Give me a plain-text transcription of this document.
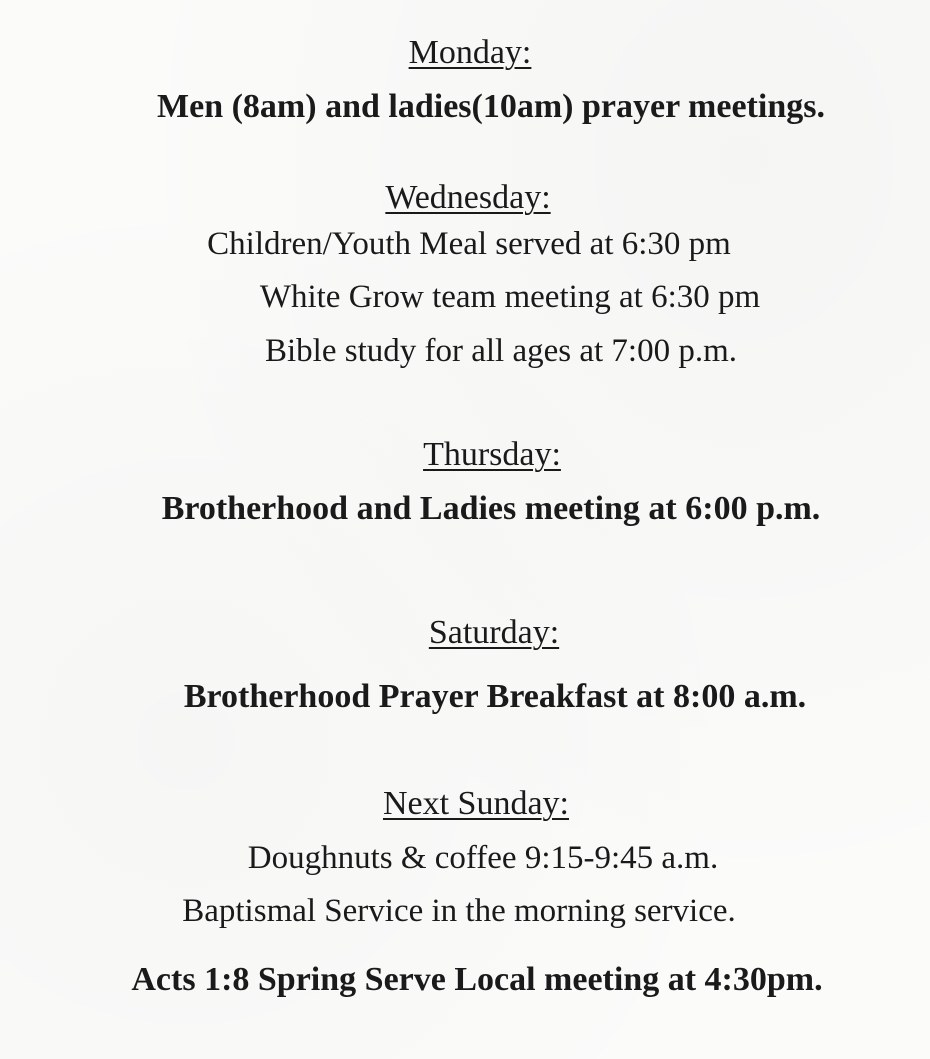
Monday:
Men (8am) and ladies(10am) prayer meetings.
Wednesday:
Children/Youth Meal served at 6:30 pm
White Grow team meeting at 6:30 pm
Bible study for all ages at 7:00 p.m.
Thursday:
Brotherhood and Ladies meeting at 6:00 p.m.
Saturday:
Brotherhood Prayer Breakfast at 8:00 a.m.
Next Sunday:
Doughnuts & coffee 9:15-9:45 a.m.
Baptismal Service in the morning service.
Acts 1:8 Spring Serve Local meeting at 4:30pm.
